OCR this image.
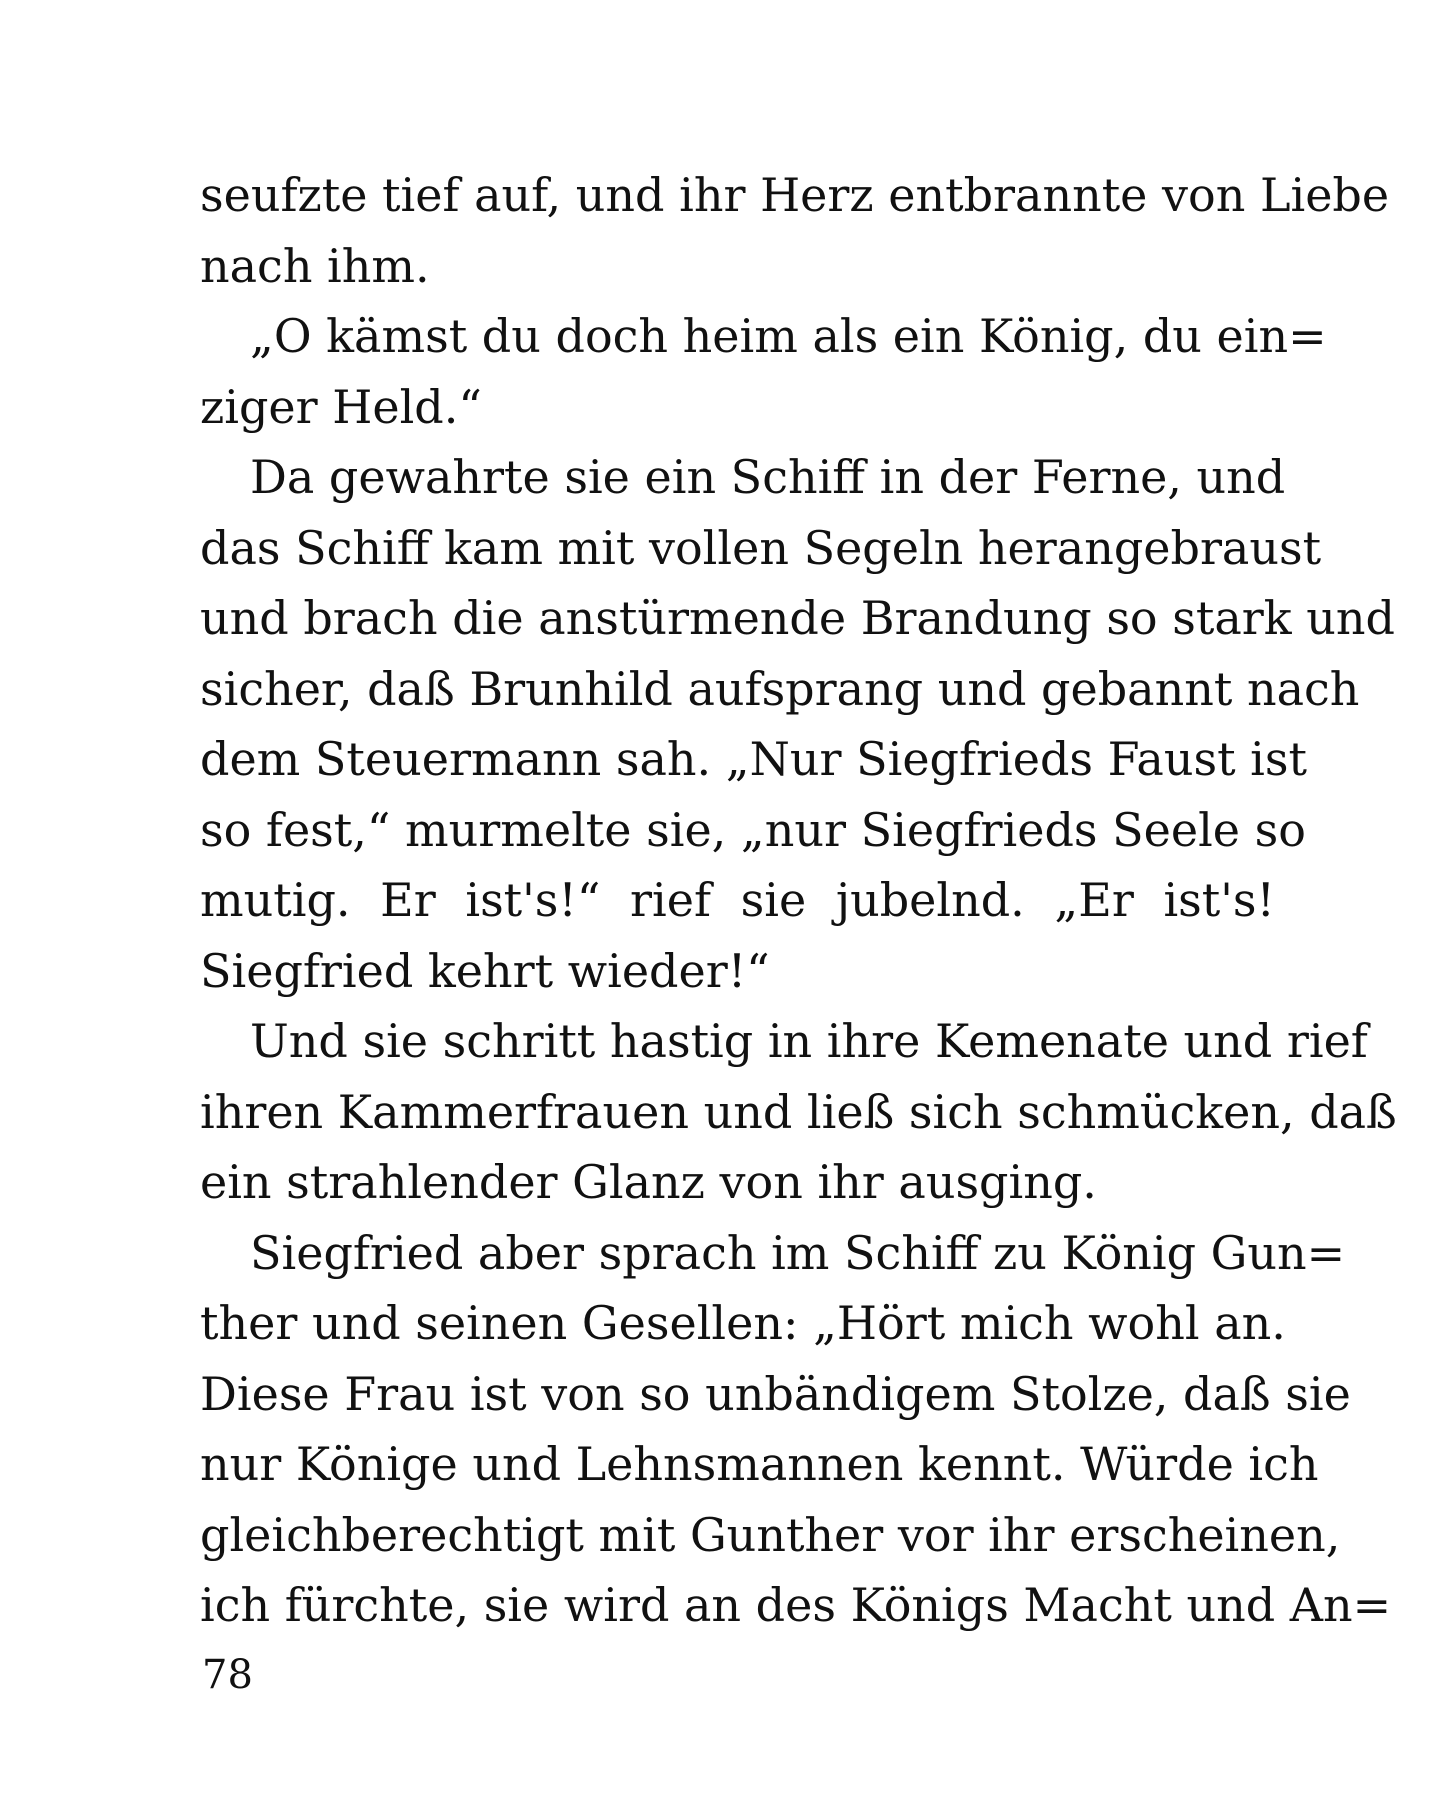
seufzte tief auf, und ihr Herz entbrannte von Liebe
nach ihm.

„O kämst du doch heim als ein König, du ein=
ziger Held.“

Da gewahrte sie ein Schiff in der Ferne, und
das Schiff kam mit vollen Segeln herangebraust
und brach die anstürmende Brandung so stark und
sicher, daß Brunhild aufsprang und gebannt nach
dem Steuermann sah. „Nur Siegfrieds Faust ist
so fest,“ murmelte sie, „nur Siegfrieds Seele so
mutig. Er ist's!“ rief sie jubelnd. „Er ist's!
Siegfried kehrt wieder!“

Und sie schritt hastig in ihre Kemenate und rief
ihren Kammerfrauen und ließ sich schmücken, daß
ein strahlender Glanz von ihr ausging.

Siegfried aber sprach im Schiff zu König Gun=
ther und seinen Gesellen: „Hört mich wohl an.
Diese Frau ist von so unbändigem Stolze, daß sie
nur Könige und Lehnsmannen kennt. Würde ich
gleichberechtigt mit Gunther vor ihr erscheinen,
ich fürchte, sie wird an des Königs Macht und An=

78
